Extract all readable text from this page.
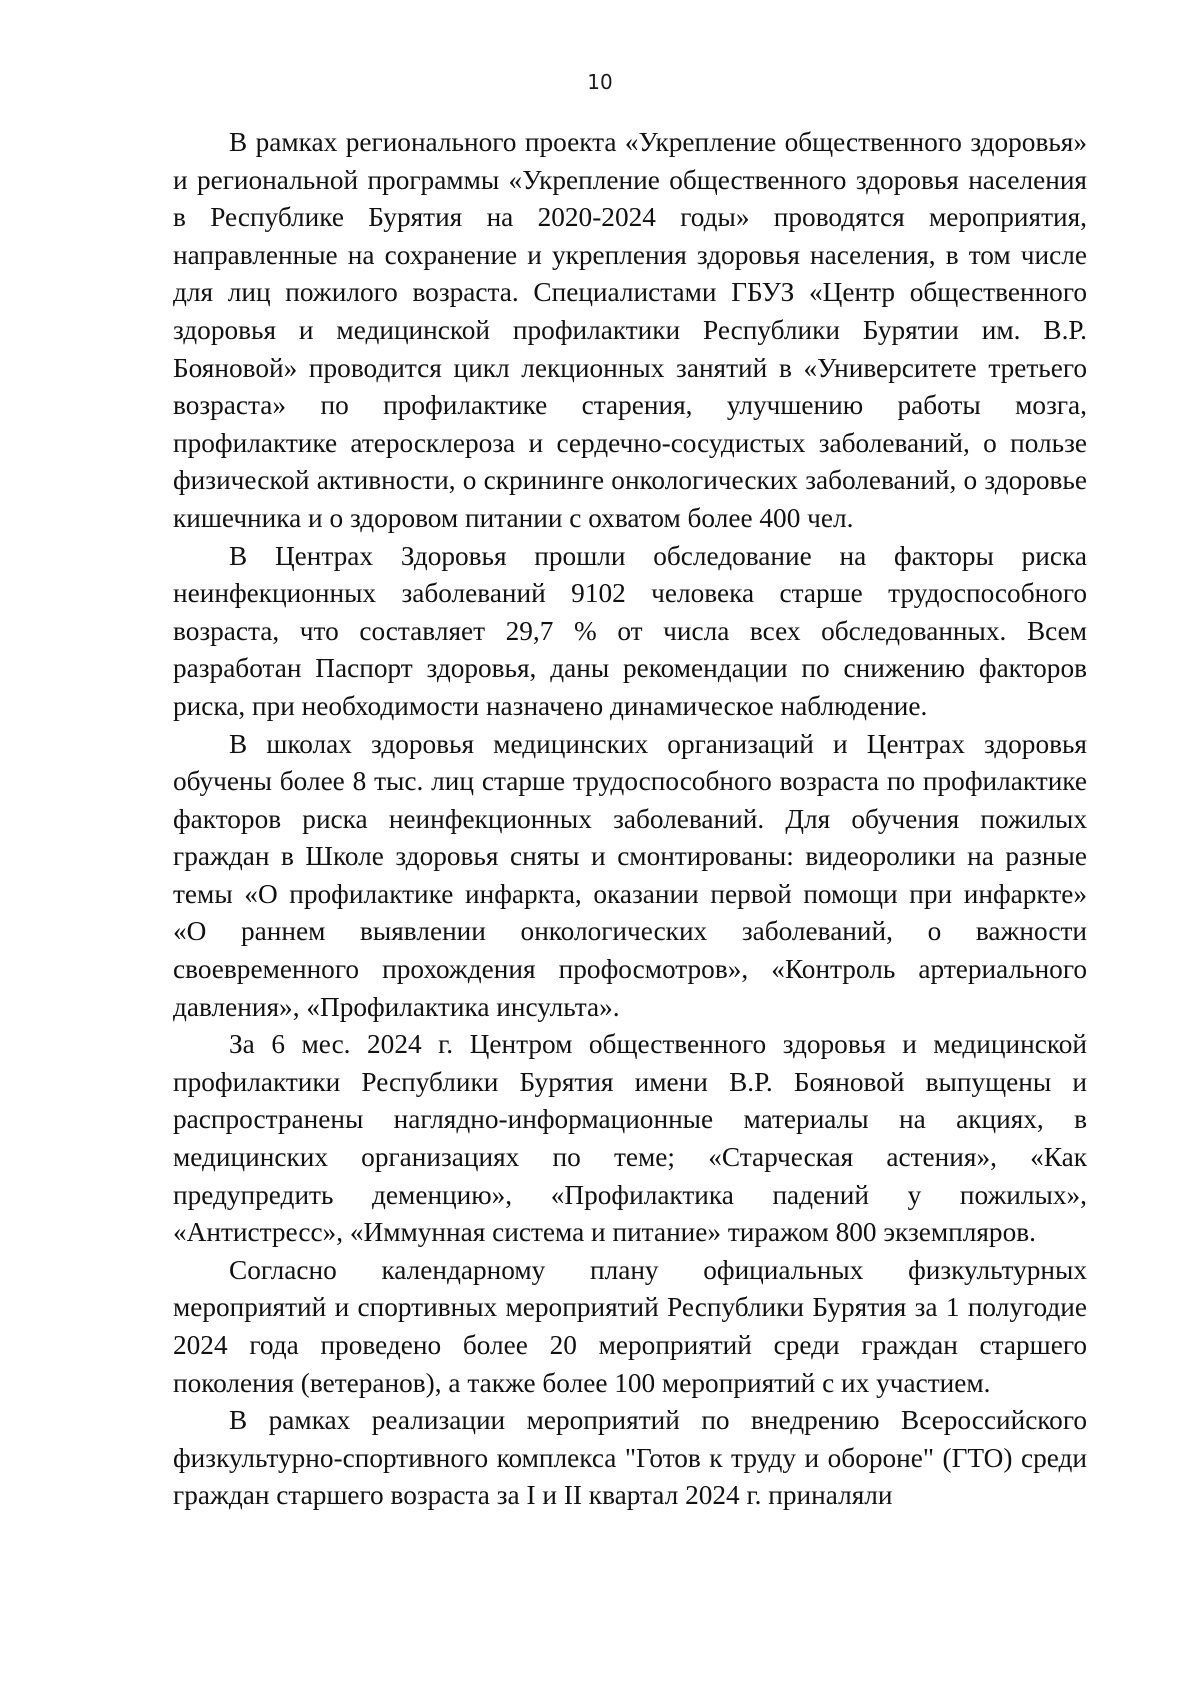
10

В рамках регионального проекта «Укрепление общественного здоровья» и региональной программы «Укрепление общественного здоровья населения в Республике Бурятия на 2020-2024 годы» проводятся мероприятия, направленные на сохранение и укрепления здоровья населения, в том числе для лиц пожилого возраста. Специалистами ГБУЗ «Центр общественного здоровья и медицинской профилактики Республики Бурятии им. В.Р. Бояновой» проводится цикл лекционных занятий в «Университете третьего возраста» по профилактике старения, улучшению работы мозга, профилактике атеросклероза и сердечно-сосудистых заболеваний, о пользе физической активности, о скрининге онкологических заболеваний, о здоровье кишечника и о здоровом питании с охватом более 400 чел.

В Центрах Здоровья прошли обследование на факторы риска неинфекционных заболеваний 9102 человека старше трудоспособного возраста, что составляет 29,7 % от числа всех обследованных. Всем разработан Паспорт здоровья, даны рекомендации по снижению факторов риска, при необходимости назначено динамическое наблюдение.

В школах здоровья медицинских организаций и Центрах здоровья обучены более 8 тыс. лиц старше трудоспособного возраста по профилактике факторов риска неинфекционных заболеваний. Для обучения пожилых граждан в Школе здоровья сняты и смонтированы: видеоролики на разные темы «О профилактике инфаркта, оказании первой помощи при инфаркте» «О раннем выявлении онкологических заболеваний, о важности своевременного прохождения профосмотров», «Контроль артериального давления», «Профилактика инсульта».

За 6 мес. 2024 г. Центром общественного здоровья и медицинской профилактики Республики Бурятия имени В.Р. Бояновой выпущены и распространены наглядно-информационные материалы на акциях, в медицинских организациях по теме; «Старческая астения», «Как предупредить деменцию», «Профилактика падений у пожилых», «Антистресс», «Иммунная система и питание» тиражом 800 экземпляров.

Согласно календарному плану официальных физкультурных мероприятий и спортивных мероприятий Республики Бурятия за 1 полугодие 2024 года проведено более 20 мероприятий среди граждан старшего поколения (ветеранов), а также более 100 мероприятий с их участием.

В рамках реализации мероприятий по внедрению Всероссийского физкультурно-спортивного комплекса "Готов к труду и обороне" (ГТО) среди граждан старшего возраста за I и II квартал 2024 г. приналяли
